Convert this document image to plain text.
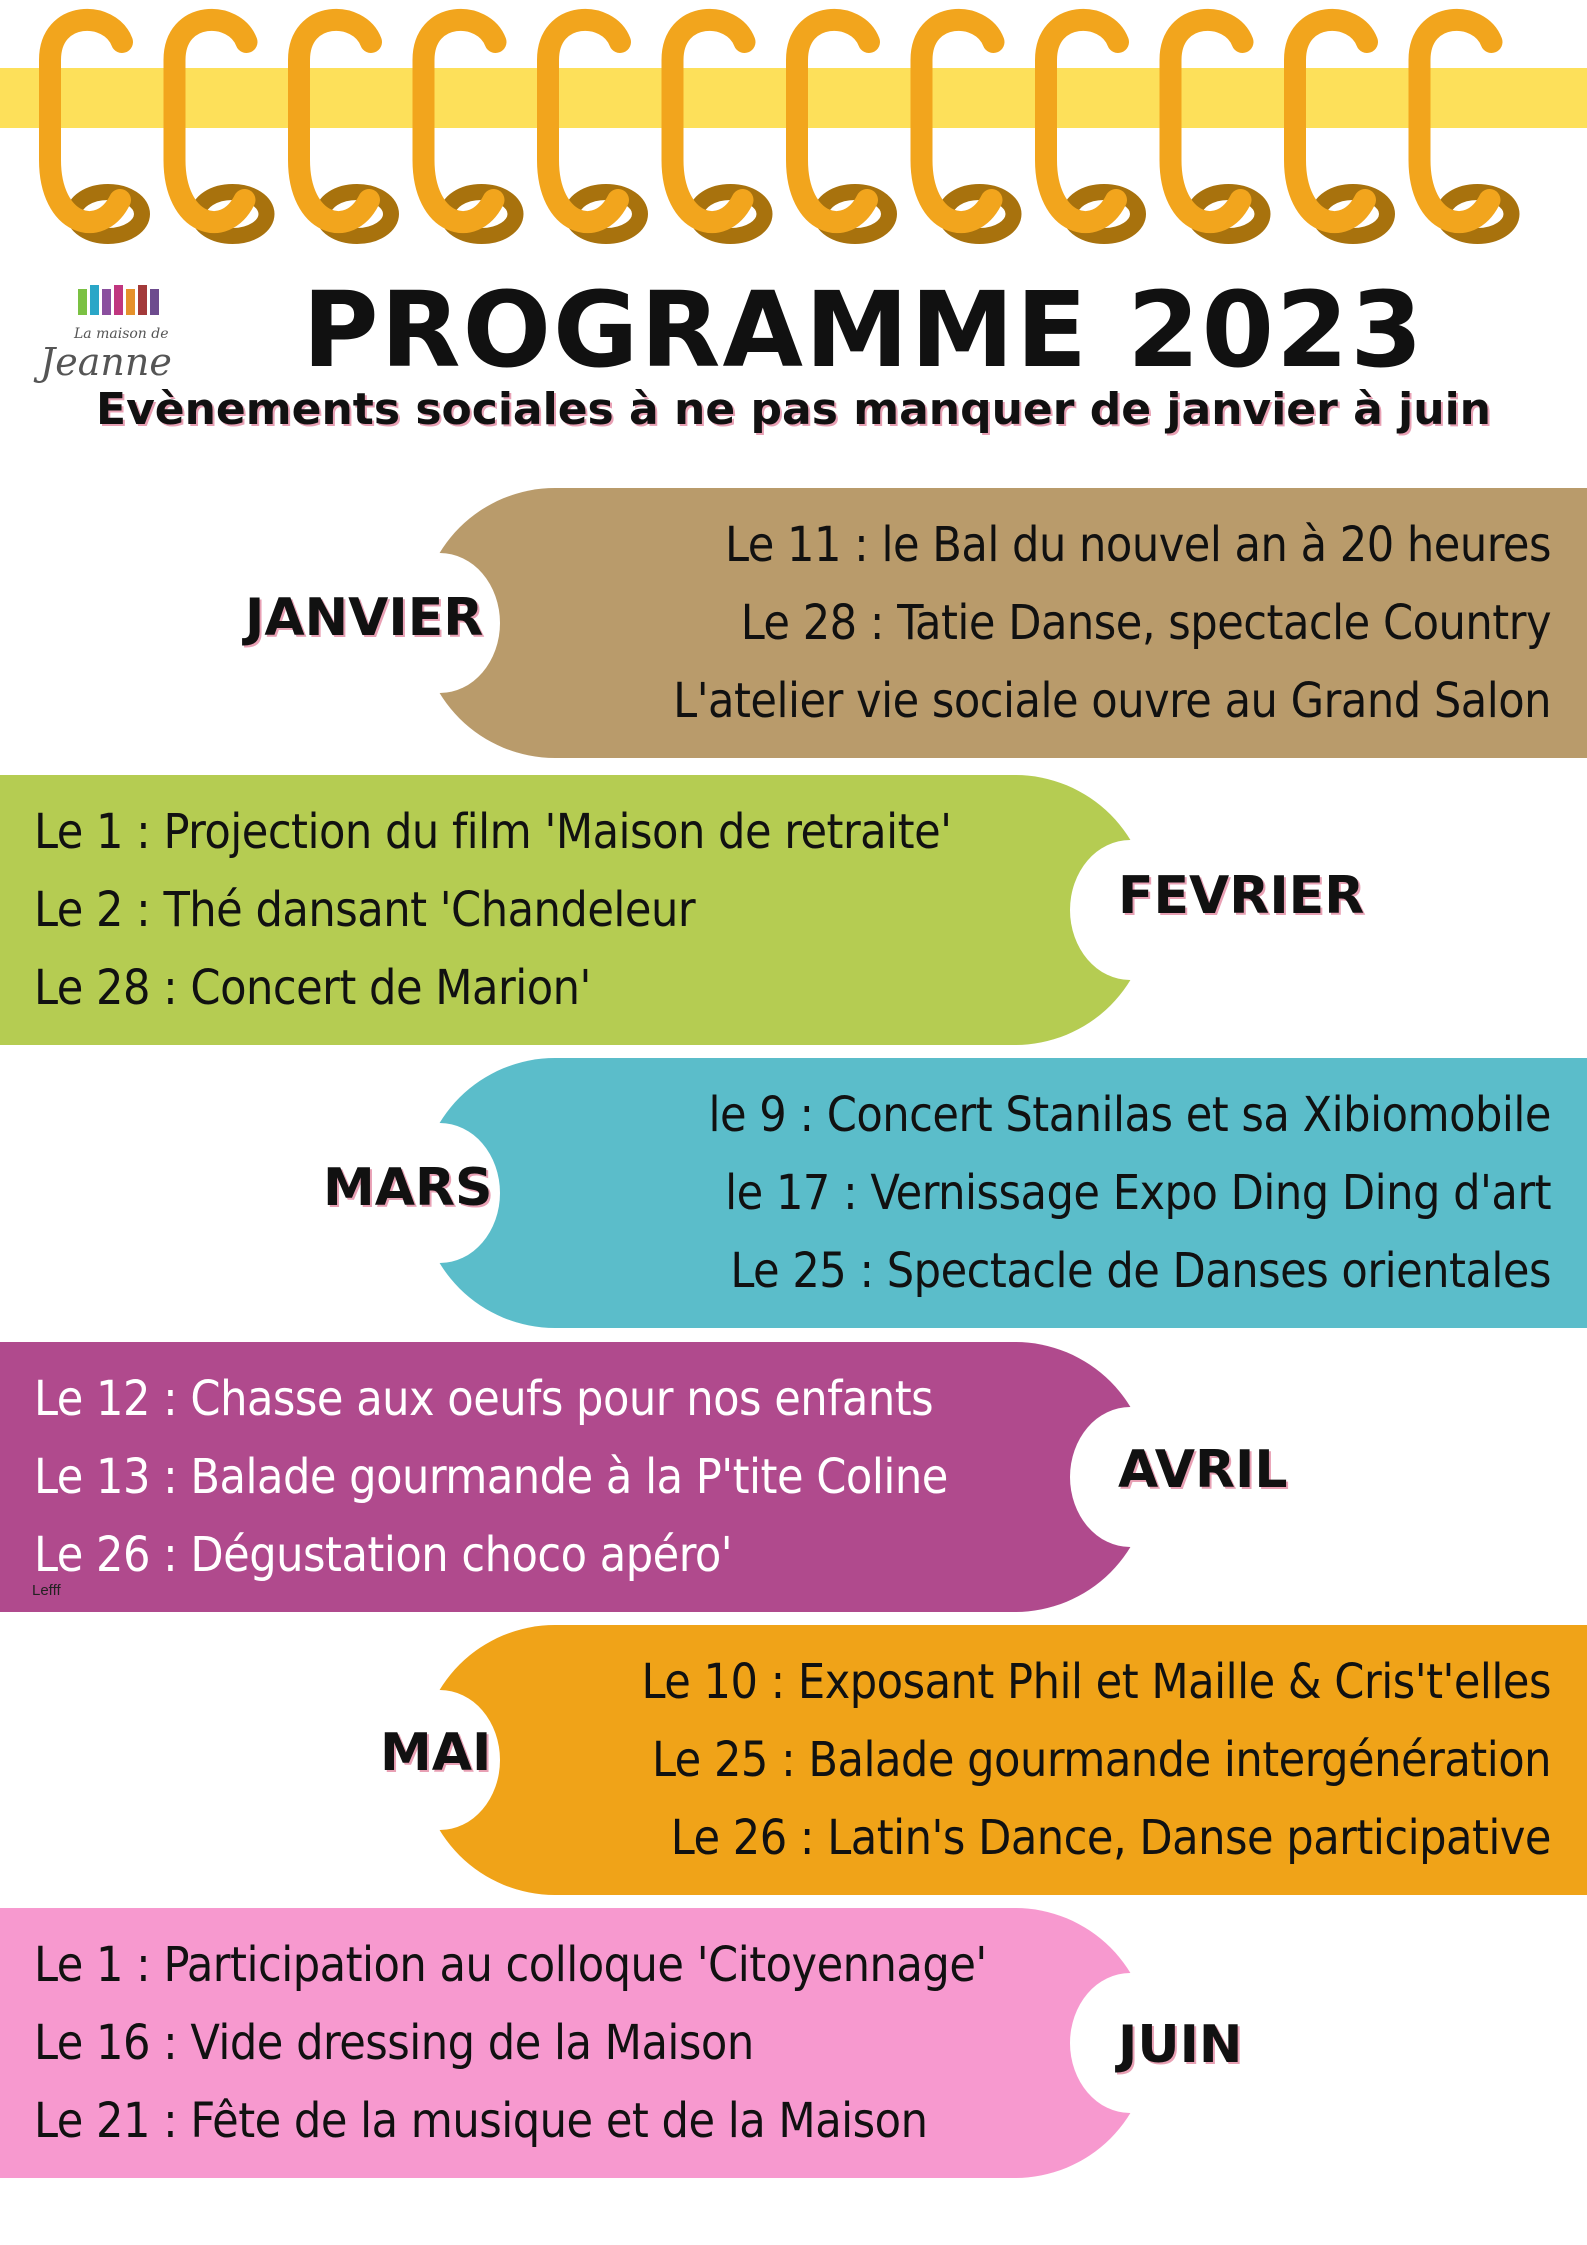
La maison de
Jeanne	PROGRAMME 2023

Evènements sociales à ne pas manquer de janvier à juin

Le 11 : le Bal du nouvel an à 20 heures
Le 28 : Tatie Danse, spectacle Country
L'atelier vie sociale ouvre au Grand Salon
JANVIER
Le 1 : Projection du film 'Maison de retraite'
Le 2 : Thé dansant 'Chandeleur
Le 28 : Concert de Marion'
FEVRIER
le 9 : Concert Stanilas et sa Xibiomobile
le 17 : Vernissage Expo Ding Ding d'art
Le 25 : Spectacle de Danses orientales
MARS
Le 12 : Chasse aux oeufs pour nos enfants
Le 13 : Balade gourmande à la P'tite Coline
Le 26 : Dégustation choco apéro'
Lefff
AVRIL
Le 10 : Exposant Phil et Maille & Cris't'elles
Le 25 : Balade gourmande intergénération
Le 26 : Latin's Dance, Danse participative
MAI
Le 1 : Participation au colloque 'Citoyennage'
Le 16 : Vide dressing de la Maison
Le 21 : Fête de la musique et de la Maison
JUIN
